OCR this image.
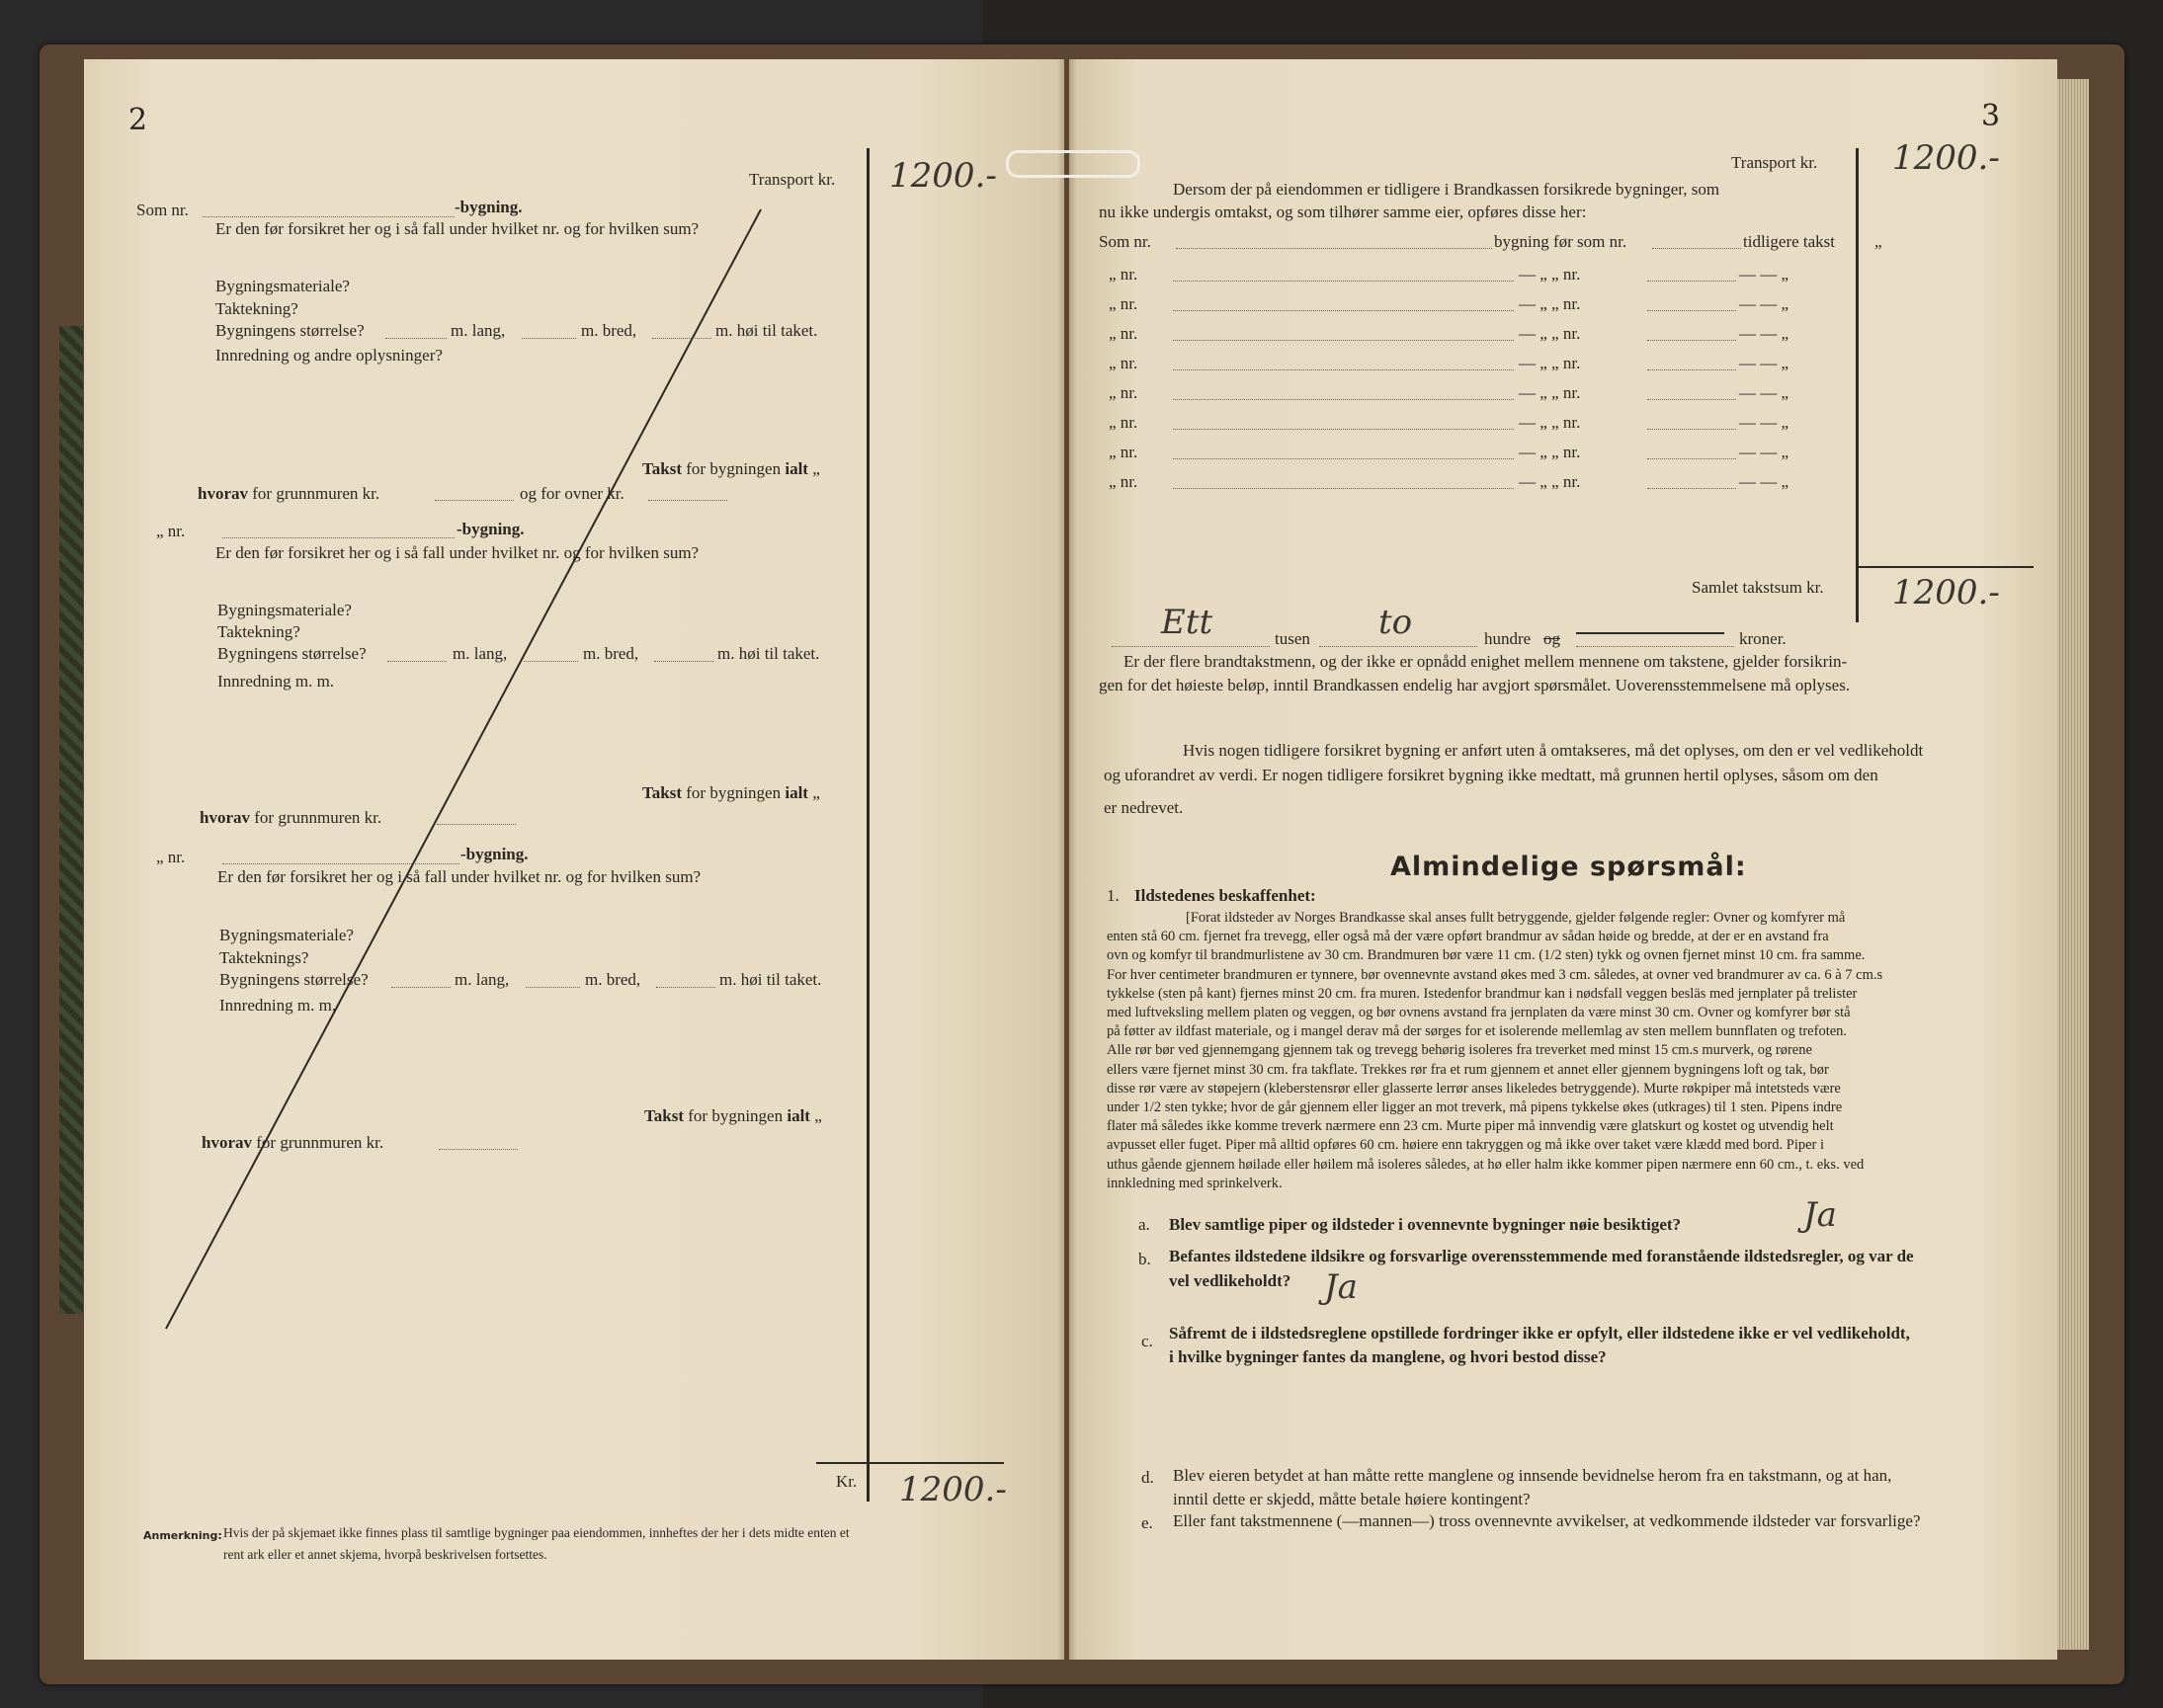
2
Transport kr. 1200.-
Som nr.	-bygning.
Er den før forsikret her og i så fall under hvilket nr. og for hvilken sum?
Bygningsmateriale?
Taktekning?
Bygningens størrelse?	m. lang,	m. bred,	m. høi til taket.
Innredning og andre oplysninger?
Takst for bygningen ialt „
hvorav for grunnmuren kr.	og for ovner kr.
„ nr.	-bygning.
Er den før forsikret her og i så fall under hvilket nr. og for hvilken sum?
Bygningsmateriale?
Taktekning?
Bygningens størrelse?	m. lang,	m. bred,	m. høi til taket.
Innredning m. m.
Takst for bygningen ialt „
hvorav for grunnmuren kr.
„ nr.	-bygning.
Er den før forsikret her og i så fall under hvilket nr. og for hvilken sum?
Bygningsmateriale?
Takteknings?
Bygningens størrelse?	m. lang,	m. bred,	m. høi til taket.
Innredning m. m.
Takst for bygningen ialt „
hvorav for grunnmuren kr.
Kr. 1200.-
Anmerkning: Hvis der på skjemaet ikke finnes plass til samtlige bygninger paa eiendommen, innheftes der her i dets midte enten et
rent ark eller et annet skjema, hvorpå beskrivelsen fortsettes.
3
Transport kr. 1200.-
Dersom der på eiendommen er tidligere i Brandkassen forsikrede bygninger, som
nu ikke undergis omtakst, og som tilhører samme eier, opføres disse her:
Som nr.	bygning før som nr.	tidligere takst „
„ nr.	— „ „ nr.	— — „
„ nr.	— „ „ nr.	— — „
„ nr.	— „ „ nr.	— — „
„ nr.	— „ „ nr.	— — „
„ nr.	— „ „ nr.	— — „
„ nr.	— „ „ nr.	— — „
„ nr.	— „ „ nr.	— — „
„ nr.	— „ „ nr.	— — „
Samlet takstsum kr. 1200.-
Ett	tusen to	hundre og	kroner.
Er der flere brandtakstmenn, og der ikke er opnådd enighet mellem mennene om takstene, gjelder forsikrin-
gen for det høieste beløp, inntil Brandkassen endelig har avgjort spørsmålet. Uoverensstemmelsene må oplyses.
Hvis nogen tidligere forsikret bygning er anført uten å omtakseres, må det oplyses, om den er vel vedlikeholdt
og uforandret av verdi. Er nogen tidligere forsikret bygning ikke medtatt, må grunnen hertil oplyses, såsom om den
er nedrevet.
Almindelige spørsmål:
1. Ildstedenes beskaffenhet:
[Forat ildsteder av Norges Brandkasse skal anses fullt betryggende, gjelder følgende regler: Ovner og komfyrer må
enten stå 60 cm. fjernet fra trevegg, eller også må der være opført brandmur av sådan høide og bredde, at der er en avstand fra
ovn og komfyr til brandmurlistene av 30 cm. Brandmuren bør være 11 cm. (1/2 sten) tykk og ovnen fjernet minst 10 cm. fra samme.
For hver centimeter brandmuren er tynnere, bør ovennevnte avstand økes med 3 cm. således, at ovner ved brandmurer av ca. 6 à 7 cm.s
tykkelse (sten på kant) fjernes minst 20 cm. fra muren. Istedenfor brandmur kan i nødsfall veggen besläs med jernplater på trelister
med luftveksling mellem platen og veggen, og bør ovnens avstand fra jernplaten da være minst 30 cm. Ovner og komfyrer bør stå
på føtter av ildfast materiale, og i mangel derav må der sørges for et isolerende mellemlag av sten mellem bunnflaten og trefoten.
Alle rør bør ved gjennemgang gjennem tak og trevegg behørig isoleres fra treverket med minst 15 cm.s murverk, og rørene
ellers være fjernet minst 30 cm. fra takflate. Trekkes rør fra et rum gjennem et annet eller gjennem bygningens loft og tak, bør
disse rør være av støpejern (kleberstensrør eller glasserte lerrør anses likeledes betryggende). Murte røkpiper må intetsteds være
under 1/2 sten tykke; hvor de går gjennem eller ligger an mot treverk, må pipens tykkelse økes (utkrages) til 1 sten. Pipens indre
flater må således ikke komme treverk nærmere enn 23 cm. Murte piper må innvendig være glatskurt og kostet og utvendig helt
avpusset eller fuget. Piper må alltid opføres 60 cm. høiere enn takryggen og må ikke over taket være klædd med bord. Piper i
uthus gående gjennem høilade eller høilem må isoleres således, at hø eller halm ikke kommer pipen nærmere enn 60 cm., t. eks. ved
innkledning med sprinkelverk.
a. Blev samtlige piper og ildsteder i ovennevnte bygninger nøie besiktiget?	Ja
b. Befantes ildstedene ildsikre og forsvarlige overensstemmende med foranstående ildstedsregler, og var de
vel vedlikeholdt? Ja
c. Såfremt de i ildstedsreglene opstillede fordringer ikke er opfylt, eller ildstedene ikke er vel vedlikeholdt,
i hvilke bygninger fantes da manglene, og hvori bestod disse?
d. Blev eieren betydet at han måtte rette manglene og innsende bevidnelse herom fra en takstmann, og at han,
inntil dette er skjedd, måtte betale høiere kontingent?
e. Eller fant takstmennene (—mannen—) tross ovennevnte avvikelser, at vedkommende ildsteder var forsvarlige?
